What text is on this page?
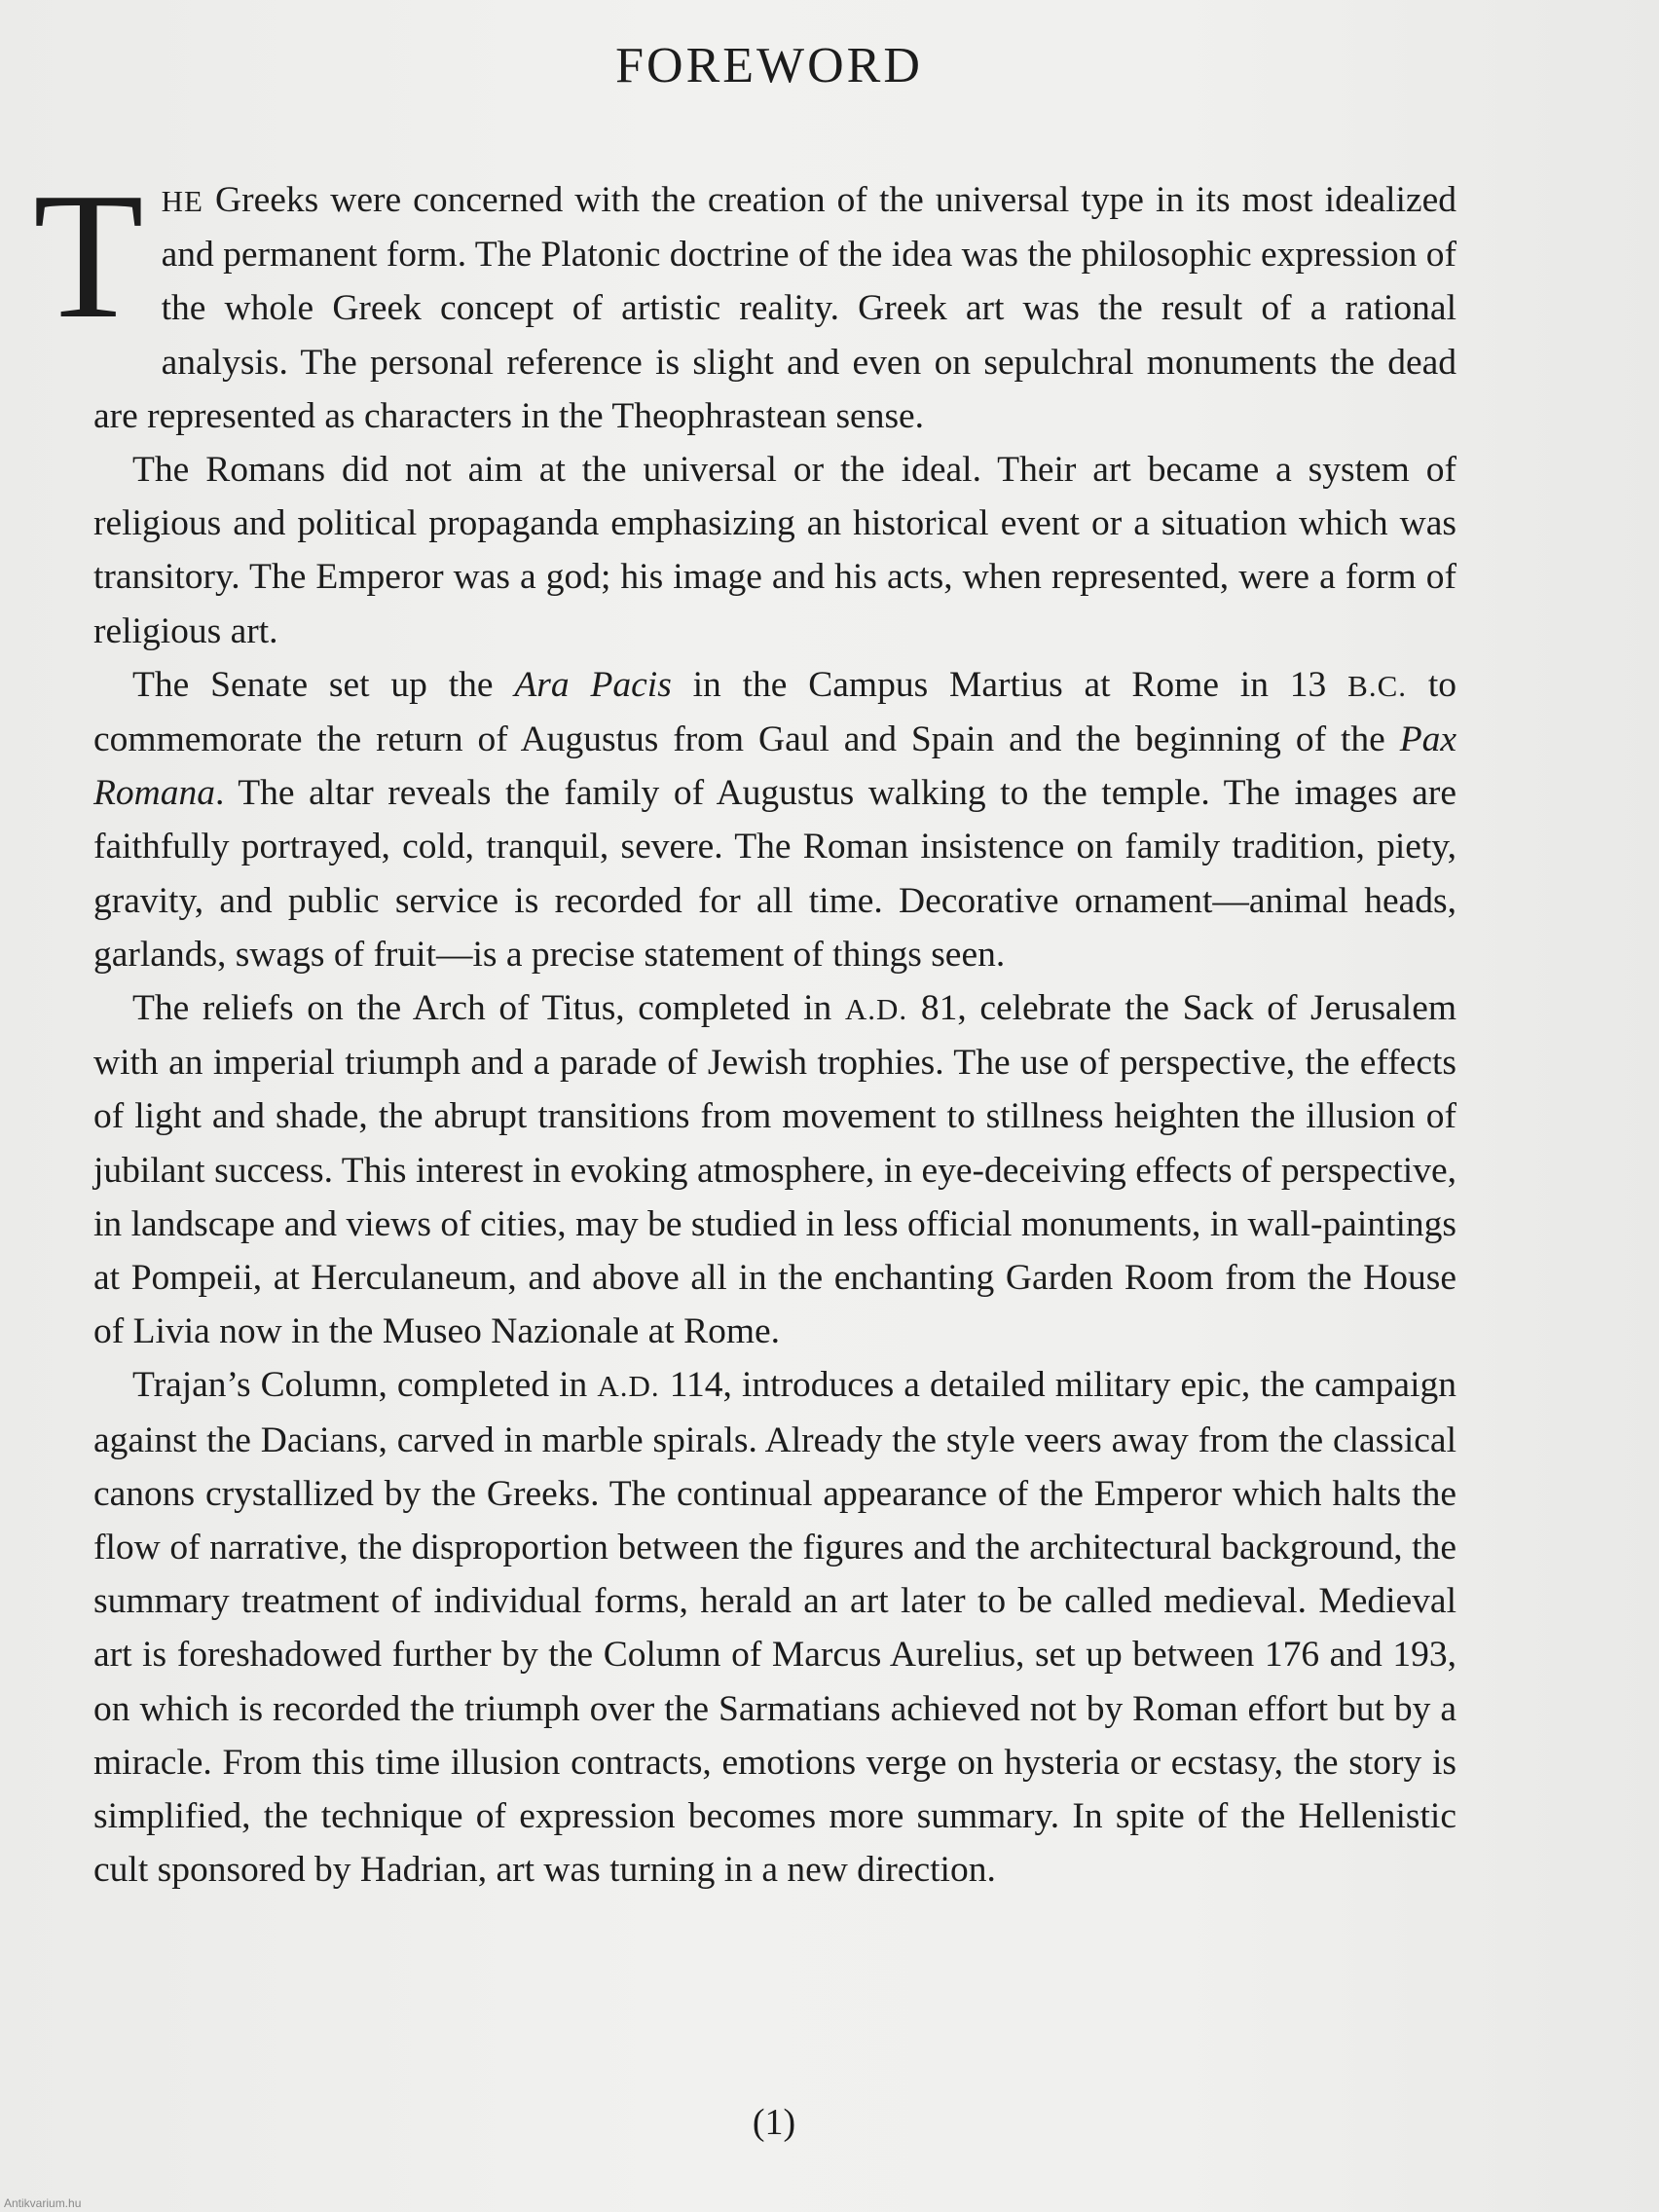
FOREWORD

THE Greeks were concerned with the creation of the universal type in its most idealized and permanent form. The Platonic doctrine of the idea was the philosophic expression of the whole Greek concept of artistic reality. Greek art was the result of a rational analysis. The personal reference is slight and even on sepulchral monuments the dead are represented as characters in the Theophrastean sense.

The Romans did not aim at the universal or the ideal. Their art became a system of religious and political propaganda emphasizing an historical event or a situation which was transitory. The Emperor was a god; his image and his acts, when represented, were a form of religious art.

The Senate set up the Ara Pacis in the Campus Martius at Rome in 13 B.C. to commemorate the return of Augustus from Gaul and Spain and the beginning of the Pax Romana. The altar reveals the family of Augustus walking to the temple. The images are faithfully portrayed, cold, tranquil, severe. The Roman insistence on family tradition, piety, gravity, and public service is recorded for all time. Decorative ornament—animal heads, garlands, swags of fruit—is a precise statement of things seen.

The reliefs on the Arch of Titus, completed in A.D. 81, celebrate the Sack of Jerusalem with an imperial triumph and a parade of Jewish trophies. The use of perspective, the effects of light and shade, the abrupt transitions from movement to stillness heighten the illusion of jubilant success. This interest in evoking atmosphere, in eye-deceiving effects of perspective, in landscape and views of cities, may be studied in less official monuments, in wall-paintings at Pompeii, at Herculaneum, and above all in the enchanting Garden Room from the House of Livia now in the Museo Nazionale at Rome.

Trajan’s Column, completed in A.D. 114, introduces a detailed military epic, the campaign against the Dacians, carved in marble spirals. Already the style veers away from the classical canons crystallized by the Greeks. The continual appearance of the Emperor which halts the flow of narrative, the disproportion between the figures and the architectural background, the summary treatment of individual forms, herald an art later to be called medieval. Medieval art is foreshadowed further by the Column of Marcus Aurelius, set up between 176 and 193, on which is recorded the triumph over the Sarmatians achieved not by Roman effort but by a miracle. From this time illusion contracts, emotions verge on hysteria or ecstasy, the story is simplified, the technique of expression becomes more summary. In spite of the Hellenistic cult sponsored by Hadrian, art was turning in a new direction.

(1)
Antikvarium.hu
